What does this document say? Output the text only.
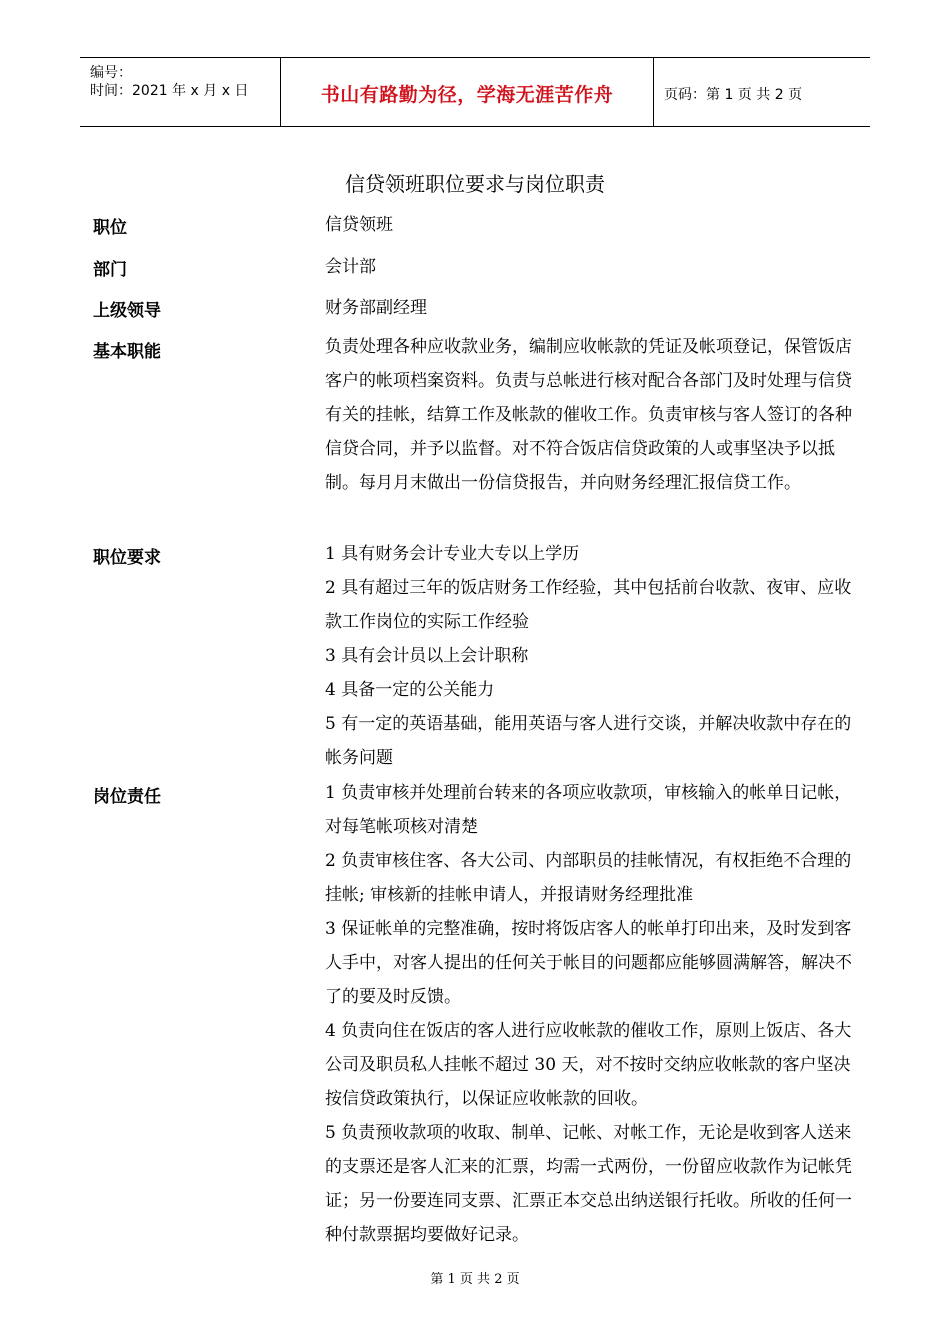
编号：
时间：2021 年 x 月 x 日	书山有路勤为径，学海无涯苦作舟	页码：第 1 页 共 2 页
信贷领班职位要求与岗位职责
职位	信贷领班
部门	会计部
上级领导	财务部副经理
基本职能	负责处理各种应收款业务，编制应收帐款的凭证及帐项登记，保管饭店客户的帐项档案资料。负责与总帐进行核对配合各部门及时处理与信贷有关的挂帐，结算工作及帐款的催收工作。负责审核与客人签订的各种信贷合同，并予以监督。对不符合饭店信贷政策的人或事坚决予以抵制。每月月末做出一份信贷报告，并向财务经理汇报信贷工作。
职位要求	1 具有财务会计专业大专以上学历

2 具有超过三年的饭店财务工作经验，其中包括前台收款、夜审、应收款工作岗位的实际工作经验

3 具有会计员以上会计职称

4 具备一定的公关能力

5 有一定的英语基础，能用英语与客人进行交谈，并解决收款中存在的帐务问题

岗位责任	1 负责审核并处理前台转来的各项应收款项，审核输入的帐单日记帐，对每笔帐项核对清楚

2 负责审核住客、各大公司、内部职员的挂帐情况，有权拒绝不合理的挂帐; 审核新的挂帐申请人，并报请财务经理批准

3 保证帐单的完整准确，按时将饭店客人的帐单打印出来，及时发到客人手中，对客人提出的任何关于帐目的问题都应能够圆满解答，解决不了的要及时反馈。

4 负责向住在饭店的客人进行应收帐款的催收工作，原则上饭店、各大公司及职员私人挂帐不超过 30 天，对不按时交纳应收帐款的客户坚决按信贷政策执行，以保证应收帐款的回收。

5 负责预收款项的收取、制单、记帐、对帐工作，无论是收到客人送来的支票还是客人汇来的汇票，均需一式两份，一份留应收款作为记帐凭证；另一份要连同支票、汇票正本交总出纳送银行托收。所收的任何一种付款票据均要做好记录。

第 1 页 共 2 页
